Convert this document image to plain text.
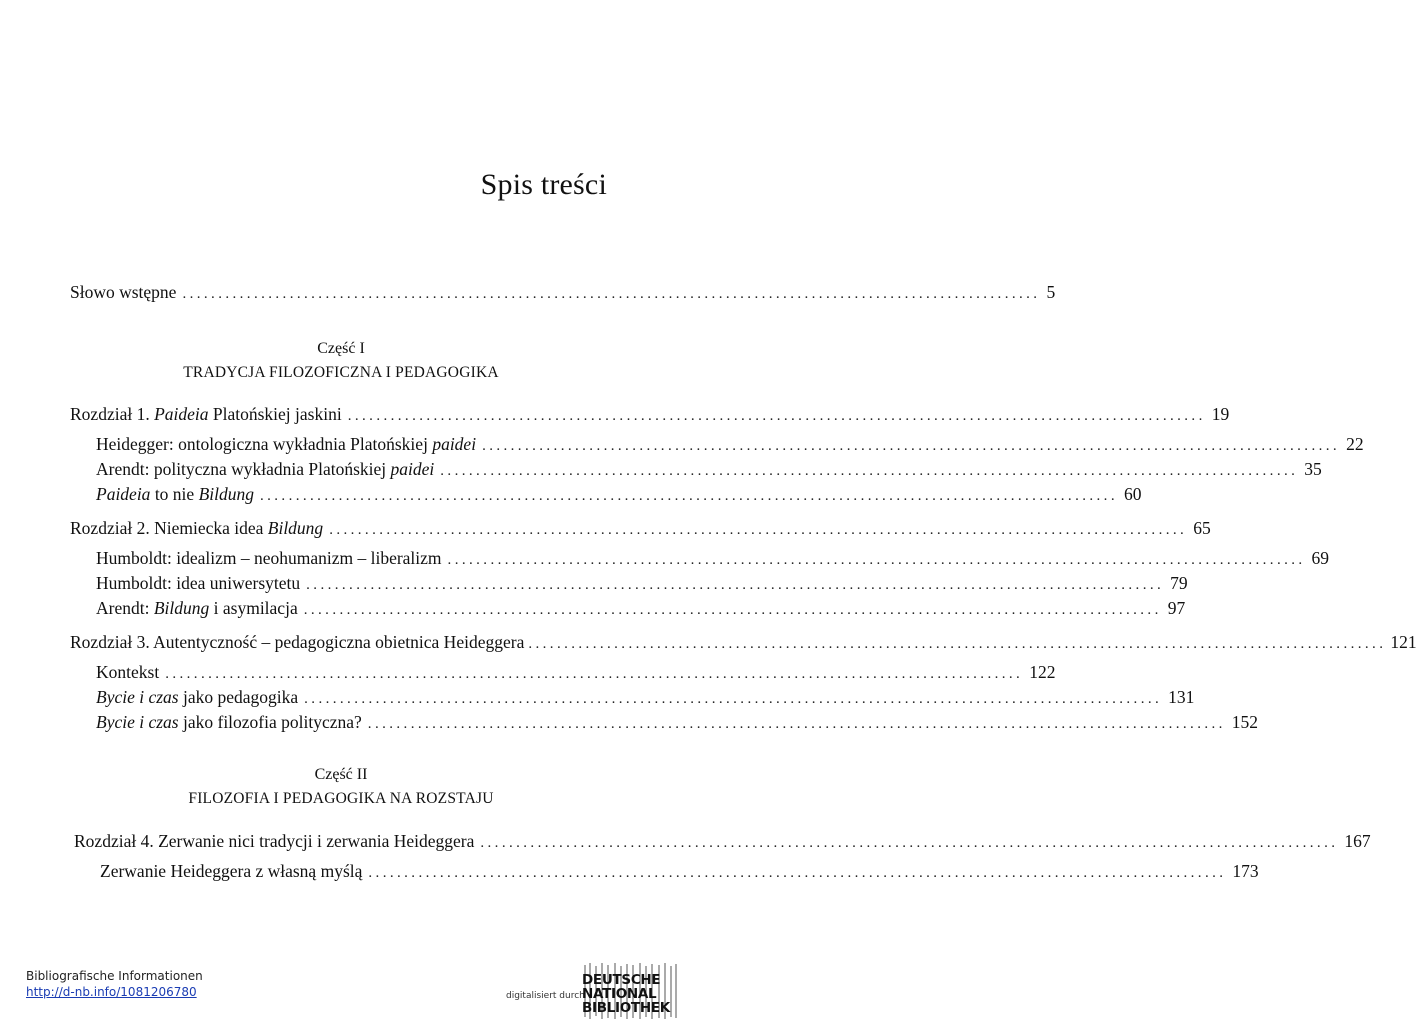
Spis treści
Słowo wstępne ........................................................................................................................ 5
Część I
TRADYCJA FILOZOFICZNA I PEDAGOGIKA
Rozdział 1. Paideia Platońskiej jaskini ........................................................................................................................ 19
Heidegger: ontologiczna wykładnia Platońskiej paidei ........................................................................................................................ 22
Arendt: polityczna wykładnia Platońskiej paidei ........................................................................................................................ 35
Paideia to nie Bildung ........................................................................................................................ 60
Rozdział 2. Niemiecka idea Bildung ........................................................................................................................ 65
Humboldt: idealizm – neohumanizm – liberalizm ........................................................................................................................ 69
Humboldt: idea uniwersytetu ........................................................................................................................ 79
Arendt: Bildung i asymilacja ........................................................................................................................ 97
Rozdział 3. Autentyczność – pedagogiczna obietnica Heideggera ........................................................................................................................ 121
Kontekst ........................................................................................................................ 122
Bycie i czas jako pedagogika ........................................................................................................................ 131
Bycie i czas jako filozofia polityczna? ........................................................................................................................ 152
Część II
FILOZOFIA I PEDAGOGIKA NA ROZSTAJU
Rozdział 4. Zerwanie nici tradycji i zerwania Heideggera ........................................................................................................................ 167
Zerwanie Heideggera z własną myślą ........................................................................................................................ 173
Bibliografische Informationen
http://d-nb.info/1081206780	digitalisiert durch
DEUTSCHE
NATIONAL
BIBLIOTHEK
